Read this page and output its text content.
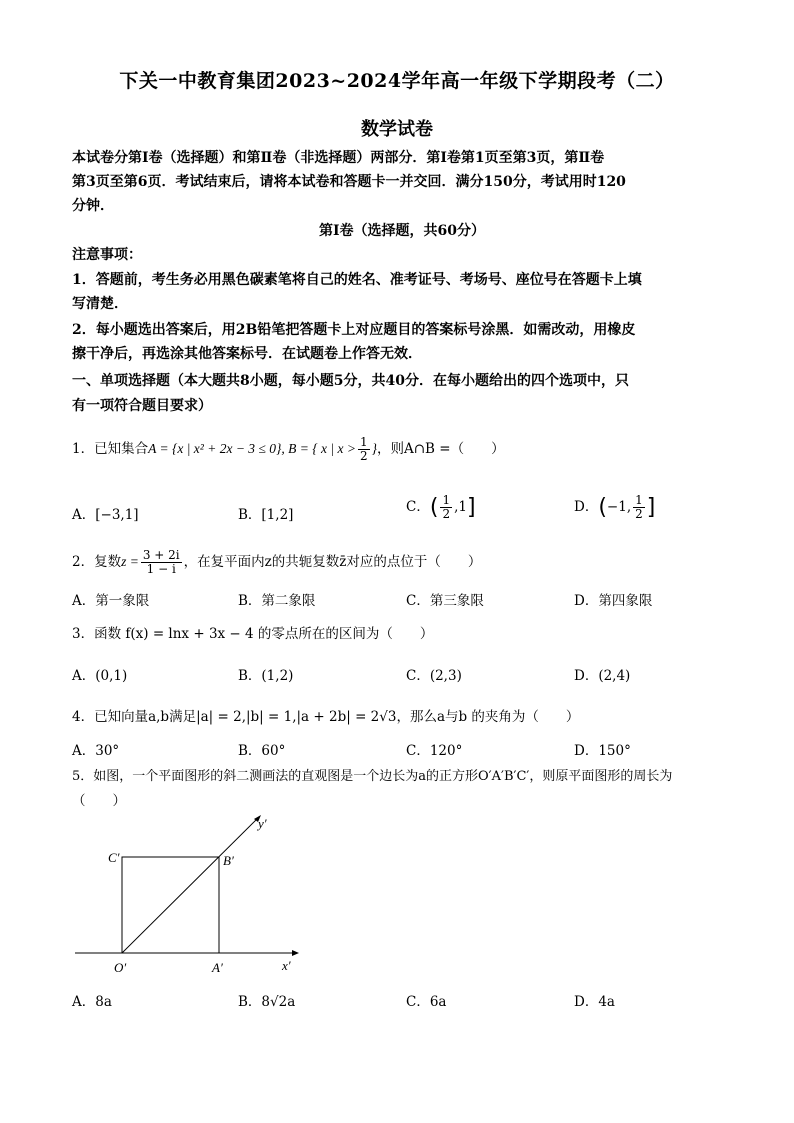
下关一中教育集团2023~2024学年高一年级下学期段考（二）
数学试卷
本试卷分第Ⅰ卷（选择题）和第Ⅱ卷（非选择题）两部分．第Ⅰ卷第1页至第3页，第Ⅱ卷
第3页至第6页．考试结束后，请将本试卷和答题卡一并交回．满分150分，考试用时120
分钟．
第Ⅰ卷（选择题，共60分）
注意事项：
1．答题前，考生务必用黑色碳素笔将自己的姓名、准考证号、考场号、座位号在答题卡上填
写清楚．
2．每小题选出答案后，用2B铅笔把答题卡上对应题目的答案标号涂黑．如需改动，用橡皮
擦干净后，再选涂其他答案标号．在试题卷上作答无效．
一、单项选择题（本大题共8小题，每小题5分，共40分．在每小题给出的四个选项中，只
有一项符合题目要求）
1．已知集合A = {x | x² + 2x − 3 ≤ 0}, B = { x | $x > \frac{1}{2}$ }，则A∩B =（　　）
A．[−3,1]	B．[1,2]	C．( $\frac{1}{2} ,1$]	D．(−1, $\frac{1}{2}$ ]
2．复数$z = \frac{3 + 2i}{1 - i}$ ，在复平面内z的共轭复数z̄对应的点位于（　　）
A．第一象限	B．第二象限	C．第三象限	D．第四象限
3．函数 f(x) = lnx + 3x − 4 的零点所在的区间为（　　）
A．(0,1)	B．(1,2)	C．(2,3)	D．(2,4)
4．已知向量a,b满足|a| = 2,|b| = 1,|a + 2b| = 2√3，那么a与b 的夹角为（　　）
A．30°	B．60°	C．120°	D．150°
5．如图，一个平面图形的斜二测画法的直观图是一个边长为a的正方形O′A′B′C′，则原平面图形的周长为
（　　）
C′	B′
O′	A′	x′
y′
A．8a	B．8√2a	C．6a	D．4a
